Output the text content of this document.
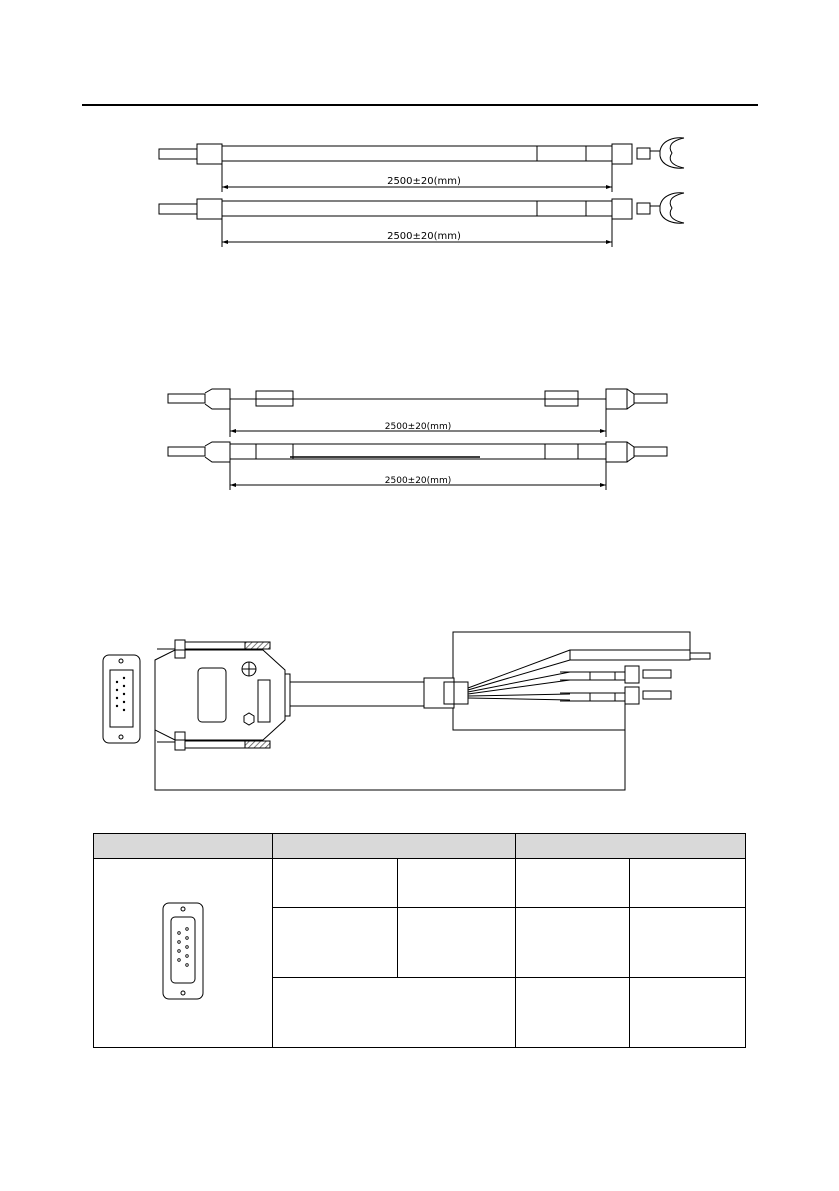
2500±20(mm)
2500±20(mm)
2500±20(mm)
2500±20(mm)
